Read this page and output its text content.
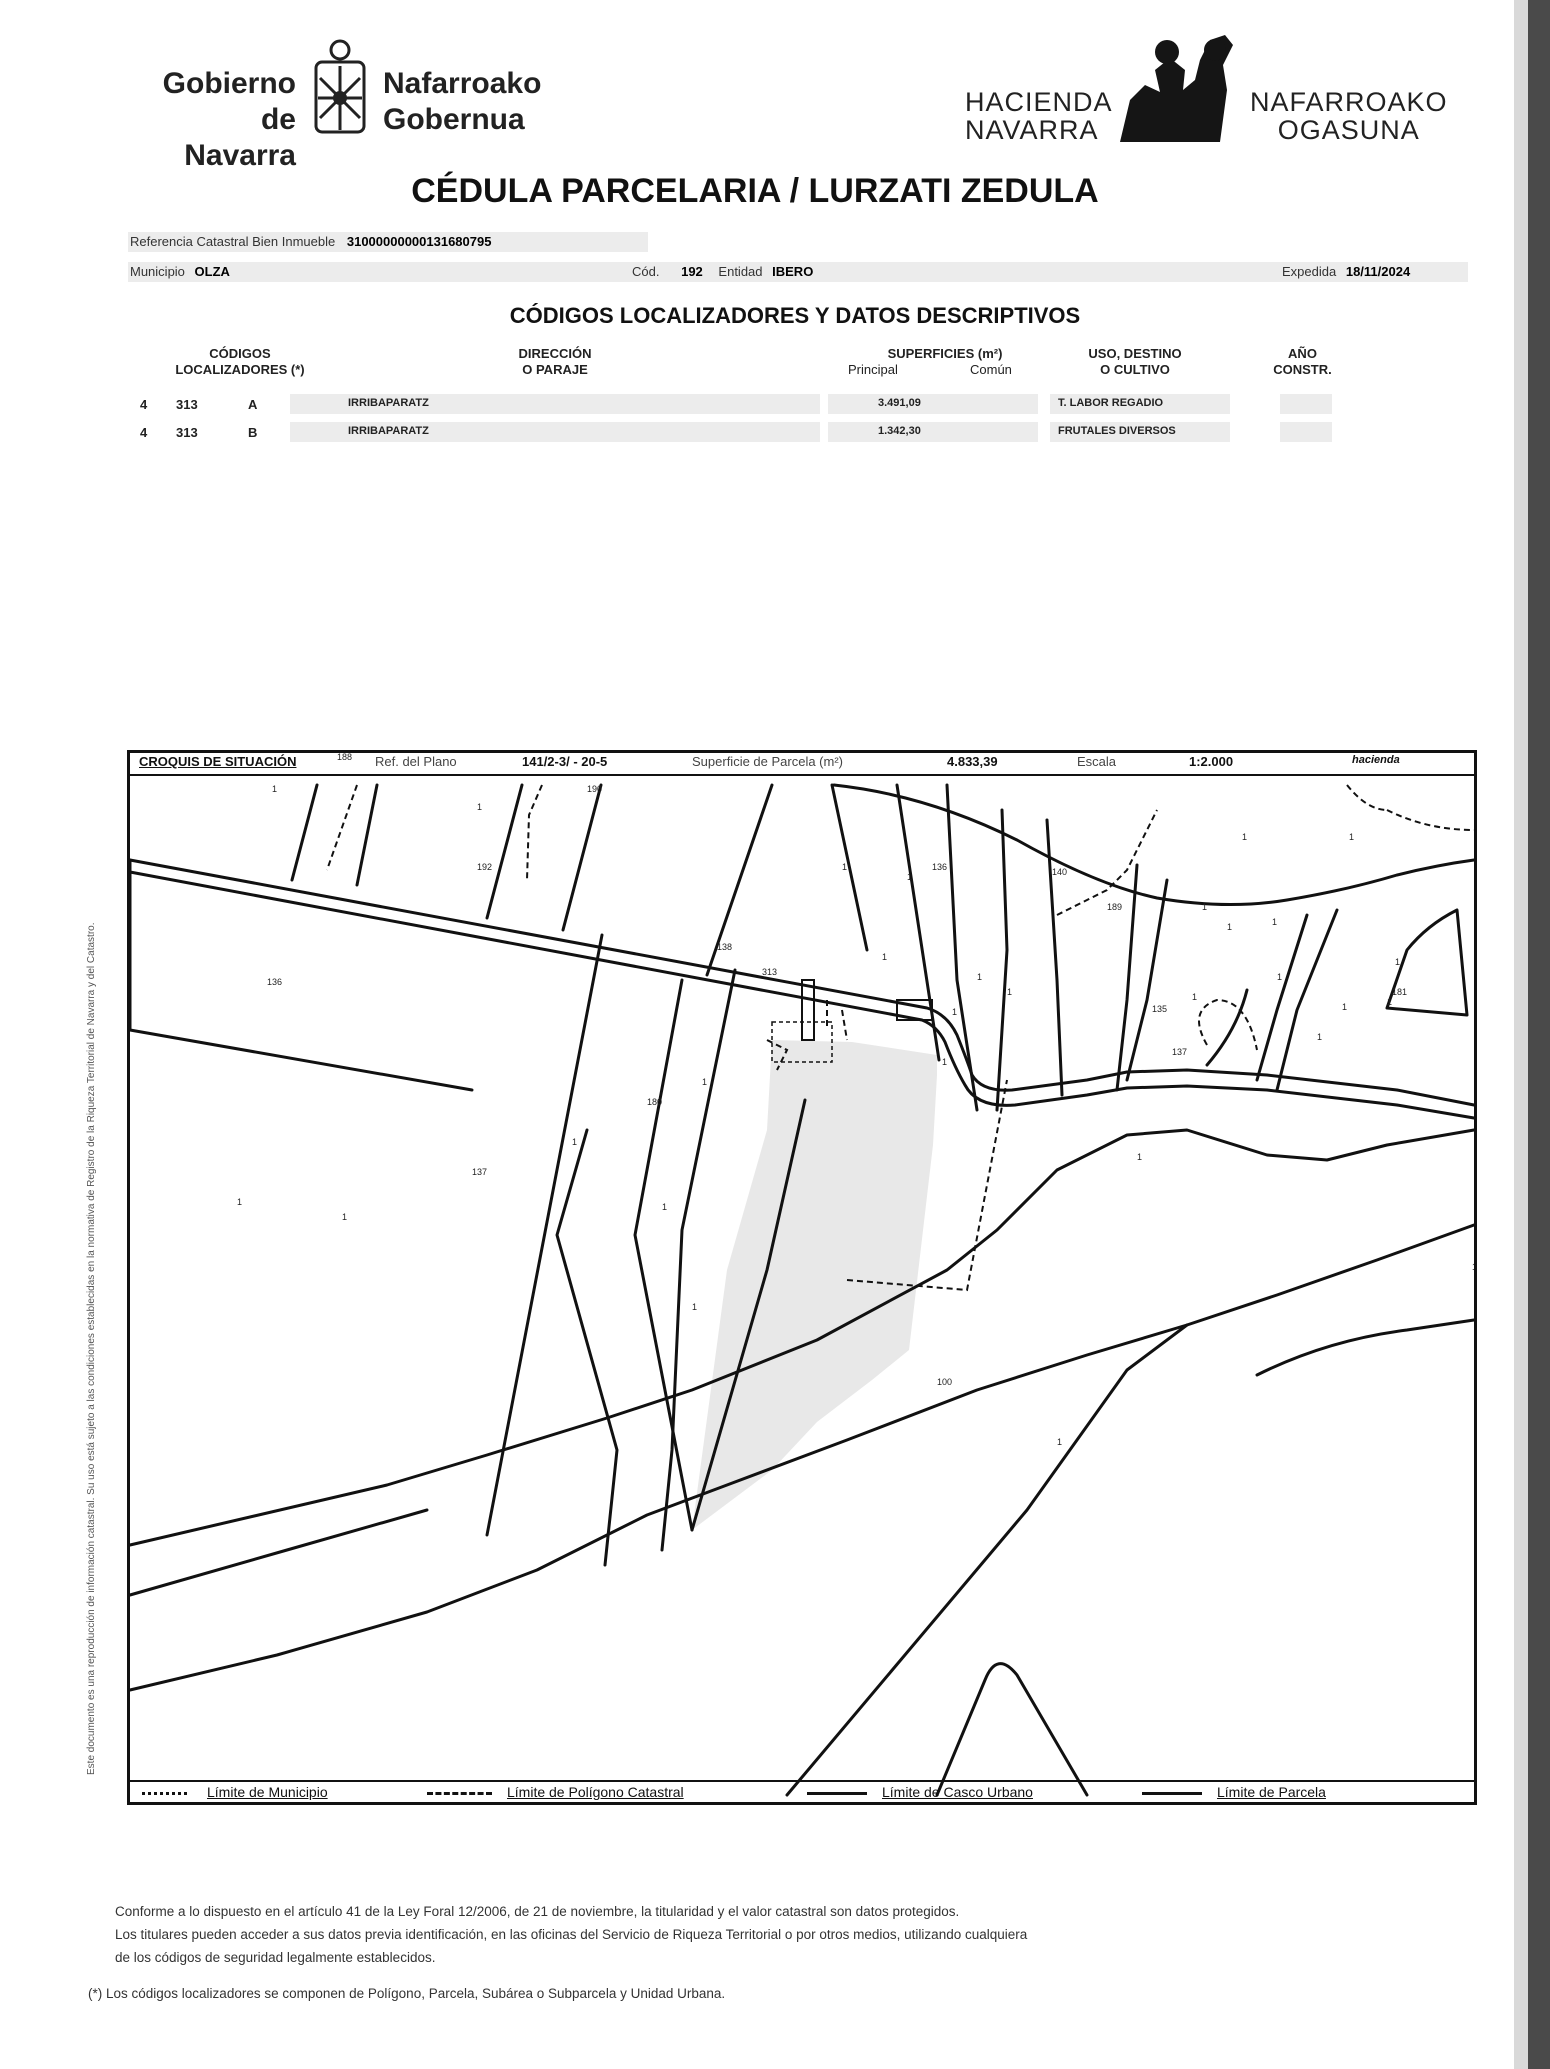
Gobierno
de Navarra
Nafarroako
Gobernua
HACIENDA
NAVARRA
NAFARROAKO
OGASUNA
CÉDULA PARCELARIA / LURZATI ZEDULA
Referencia Catastral Bien Inmueble 31000000000131680795
Municipio OLZA	Cód. 192 Entidad IBERO	Expedida 18/11/2024
CÓDIGOS LOCALIZADORES Y DATOS DESCRIPTIVOS
CÓDIGOS
LOCALIZADORES (*)
DIRECCIÓN
O PARAJE
SUPERFICIES (m²)
Principal	Común
USO, DESTINO
O CULTIVO
AÑO
CONSTR.
4 313	A	IRRIBAPARATZ	3.491,09	T. LABOR REGADIO
4 313	B	IRRIBAPARATZ	1.342,30	FRUTALES DIVERSOS
Este documento es una reproducción de información catastral. Su uso está sujeto a las condiciones establecidas en la normativa de Registro de la Riqueza Territorial de Navarra y del Catastro.
188
1	190
1
192	136
1
1	1
140
1
189	1
1
138
1
1
313	1
136	1
1
1
1
135	1
1
181
1
137
1
1
180
1
137
1
1
1
1
1
100
1
1
1
CROQUIS DE SITUACIÓN	Ref. del Plano	141/2-3/ - 20-5	Superficie de Parcela (m²)	4.833,39	Escala	1:2.000	hacienda
Límite de Municipio	Límite de Polígono Catastral	Límite de Casco Urbano	Límite de Parcela
Conforme a lo dispuesto en el artículo 41 de la Ley Foral 12/2006, de 21 de noviembre, la titularidad y el valor catastral son datos protegidos.
Los titulares pueden acceder a sus datos previa identificación, en las oficinas del Servicio de Riqueza Territorial o por otros medios, utilizando cualquiera
de los códigos de seguridad legalmente establecidos.
(*) Los códigos localizadores se componen de Polígono, Parcela, Subárea o Subparcela y Unidad Urbana.
